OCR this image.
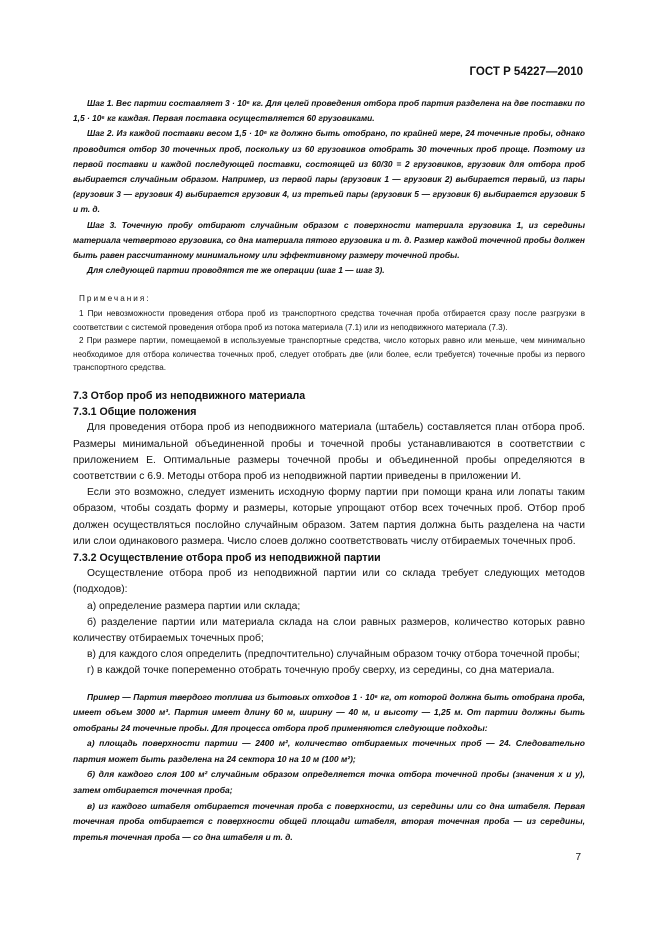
ГОСТ Р 54227—2010

Шаг 1. Вес партии составляет 3 · 10⁶ кг. Для целей проведения отбора проб партия разделена на две поставки по 1,5 · 10⁶ кг каждая. Первая поставка осуществляется 60 грузовиками.

Шаг 2. Из каждой поставки весом 1,5 · 10⁶ кг должно быть отобрано, по крайней мере, 24 точечные пробы, однако проводится отбор 30 точечных проб, поскольку из 60 грузовиков отобрать 30 точечных проб проще. Поэтому из первой поставки и каждой последующей поставки, состоящей из 60/30 = 2 грузовиков, грузовик для отбора проб выбирается случайным образом. Например, из первой пары (грузовик 1 — грузовик 2) выбирается первый, из пары (грузовик 3 — грузовик 4) выбирается грузовик 4, из третьей пары (грузовик 5 — грузовик 6) выбирается грузовик 5 и т. д.

Шаг 3. Точечную пробу отбирают случайным образом с поверхности материала грузовика 1, из середины материала четвертого грузовика, со дна материала пятого грузовика и т. д. Размер каждой точечной пробы должен быть равен рассчитанному минимальному или эффективному размеру точечной пробы.

Для следующей партии проводятся те же операции (шаг 1 — шаг 3).

Примечания:

1 При невозможности проведения отбора проб из транспортного средства точечная проба отбирается сразу после разгрузки в соответствии с системой проведения отбора проб из потока материала (7.1) или из неподвижного материала (7.3).

2 При размере партии, помещаемой в используемые транспортные средства, число которых равно или меньше, чем минимально необходимое для отбора количества точечных проб, следует отобрать две (или более, если требуется) точечные пробы из первого транспортного средства.

7.3 Отбор проб из неподвижного материала

7.3.1 Общие положения

Для проведения отбора проб из неподвижного материала (штабель) составляется план отбора проб. Размеры минимальной объединенной пробы и точечной пробы устанавливаются в соответствии с приложением Е. Оптимальные размеры точечной пробы и объединенной пробы определяются в соответствии с 6.9. Методы отбора проб из неподвижной партии приведены в приложении И.

Если это возможно, следует изменить исходную форму партии при помощи крана или лопаты таким образом, чтобы создать форму и размеры, которые упрощают отбор всех точечных проб. Отбор проб должен осуществляться послойно случайным образом. Затем партия должна быть разделена на части или слои одинакового размера. Число слоев должно соответствовать числу отбираемых точечных проб.

7.3.2 Осуществление отбора проб из неподвижной партии

Осуществление отбора проб из неподвижной партии или со склада требует следующих методов (подходов):

а) определение размера партии или склада;

б) разделение партии или материала склада на слои равных размеров, количество которых равно количеству отбираемых точечных проб;

в) для каждого слоя определить (предпочтительно) случайным образом точку отбора точечной пробы;

г) в каждой точке попеременно отобрать точечную пробу сверху, из середины, со дна материала.

Пример — Партия твердого топлива из бытовых отходов 1 · 10⁶ кг, от которой должна быть отобрана проба, имеет объем 3000 м³. Партия имеет длину 60 м, ширину — 40 м, и высоту — 1,25 м. От партии должны быть отобраны 24 точечные пробы. Для процесса отбора проб применяются следующие подходы:

а) площадь поверхности партии — 2400 м², количество отбираемых точечных проб — 24. Следовательно партия может быть разделена на 24 сектора 10 на 10 м (100 м²);

б) для каждого слоя 100 м² случайным образом определяется точка отбора точечной пробы (значения x и y), затем отбирается точечная проба;

в) из каждого штабеля отбирается точечная проба с поверхности, из середины или со дна штабеля. Первая точечная проба отбирается с поверхности общей площади штабеля, вторая точечная проба — из середины, третья точечная проба — со дна штабеля и т. д.

7
